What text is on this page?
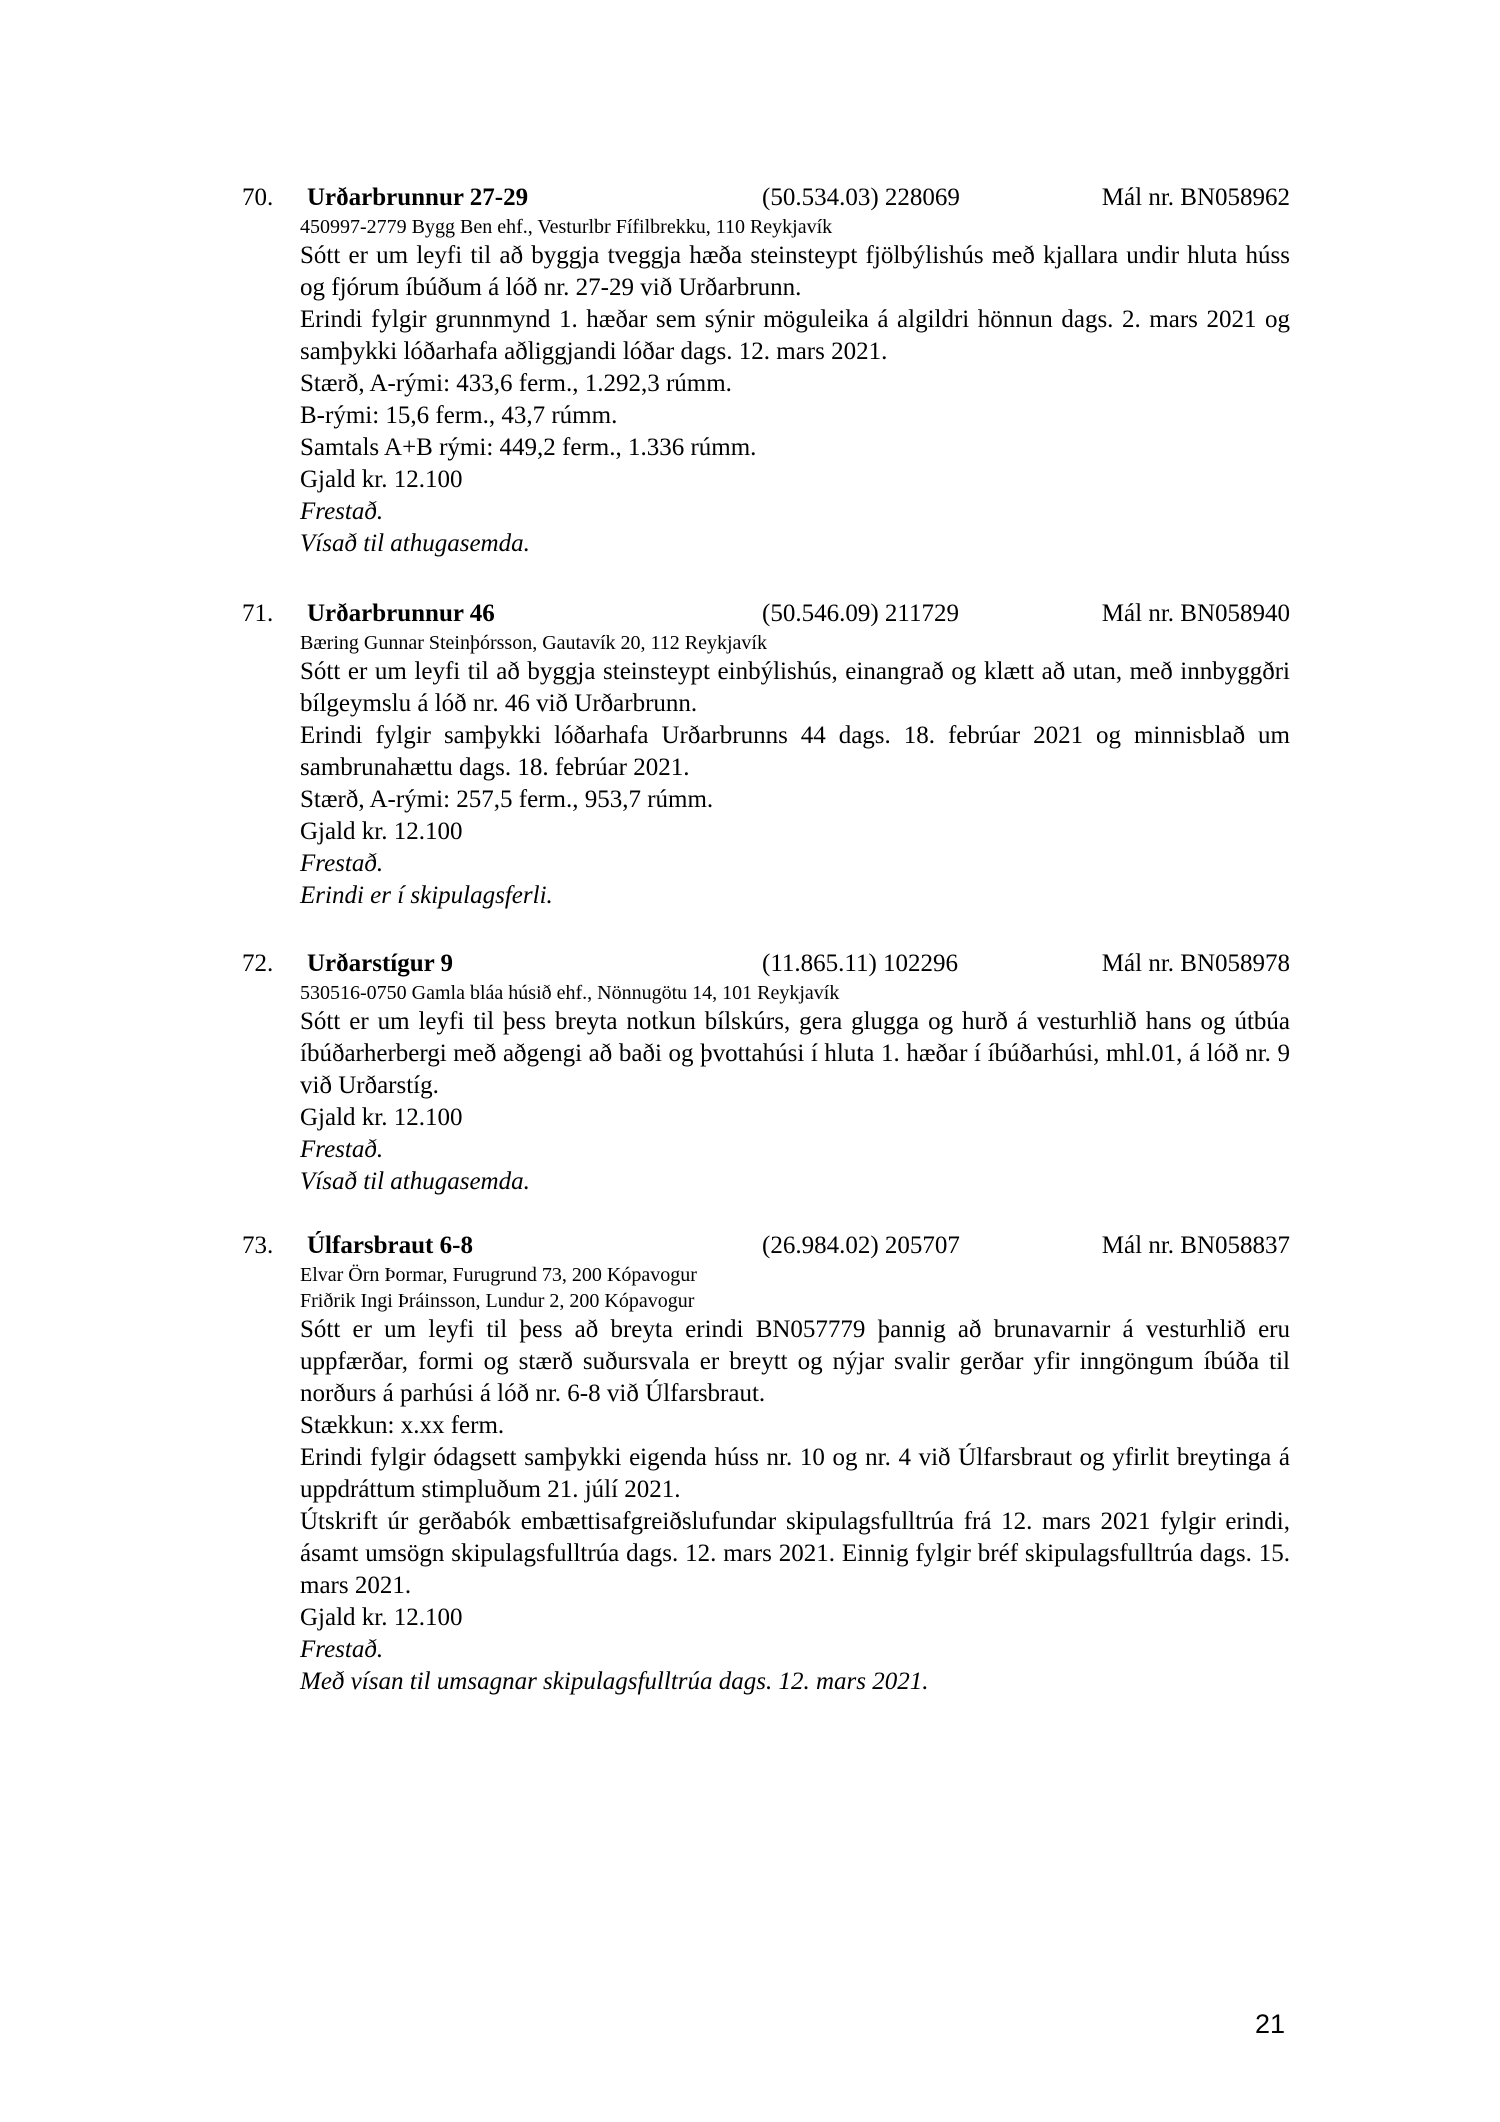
70. Urðarbrunnur 27-29	(50.534.03) 228069	Mál nr. BN058962
450997-2779 Bygg Ben ehf., Vesturlbr Fífilbrekku, 110 Reykjavík

Sótt er um leyfi til að byggja tveggja hæða steinsteypt fjölbýlishús með kjallara undir hluta húss og fjórum íbúðum á lóð nr. 27-29 við Urðarbrunn.

Erindi fylgir grunnmynd 1. hæðar sem sýnir möguleika á algildri hönnun dags. 2. mars 2021 og samþykki lóðarhafa aðliggjandi lóðar dags. 12. mars 2021.

Stærð, A-rými: 433,6 ferm., 1.292,3 rúmm.
B-rými: 15,6 ferm., 43,7 rúmm.
Samtals A+B rými: 449,2 ferm., 1.336 rúmm.
Gjald kr. 12.100
Frestað.
Vísað til athugasemda.
71. Urðarbrunnur 46	(50.546.09) 211729	Mál nr. BN058940
Bæring Gunnar Steinþórsson, Gautavík 20, 112 Reykjavík

Sótt er um leyfi til að byggja steinsteypt einbýlishús, einangrað og klætt að utan, með innbyggðri bílgeymslu á lóð nr. 46 við Urðarbrunn.

Erindi fylgir samþykki lóðarhafa Urðarbrunns 44 dags. 18. febrúar 2021 og minnisblað um sambrunahættu dags. 18. febrúar 2021.

Stærð, A-rými: 257,5 ferm., 953,7 rúmm.
Gjald kr. 12.100
Frestað.
Erindi er í skipulagsferli.
72. Urðarstígur 9	(11.865.11) 102296	Mál nr. BN058978
530516-0750 Gamla bláa húsið ehf., Nönnugötu 14, 101 Reykjavík

Sótt er um leyfi til þess breyta notkun bílskúrs, gera glugga og hurð á vesturhlið hans og útbúa íbúðarherbergi með aðgengi að baði og þvottahúsi í hluta 1. hæðar í íbúðarhúsi, mhl.01, á lóð nr. 9 við Urðarstíg.

Gjald kr. 12.100
Frestað.
Vísað til athugasemda.
73. Úlfarsbraut 6-8	(26.984.02) 205707	Mál nr. BN058837
Elvar Örn Þormar, Furugrund 73, 200 Kópavogur
Friðrik Ingi Þráinsson, Lundur 2, 200 Kópavogur

Sótt er um leyfi til þess að breyta erindi BN057779 þannig að brunavarnir á vesturhlið eru uppfærðar, formi og stærð suðursvala er breytt og nýjar svalir gerðar yfir inngöngum íbúða til norðurs á parhúsi á lóð nr. 6-8 við Úlfarsbraut.

Stækkun: x.xx ferm.

Erindi fylgir ódagsett samþykki eigenda húss nr. 10 og nr. 4 við Úlfarsbraut og yfirlit breytinga á uppdráttum stimpluðum 21. júlí 2021.

Útskrift úr gerðabók embættisafgreiðslufundar skipulagsfulltrúa frá 12. mars 2021 fylgir erindi, ásamt umsögn skipulagsfulltrúa dags. 12. mars 2021. Einnig fylgir bréf skipulagsfulltrúa dags. 15. mars 2021.

Gjald kr. 12.100
Frestað.
Með vísan til umsagnar skipulagsfulltrúa dags. 12. mars 2021.
21
